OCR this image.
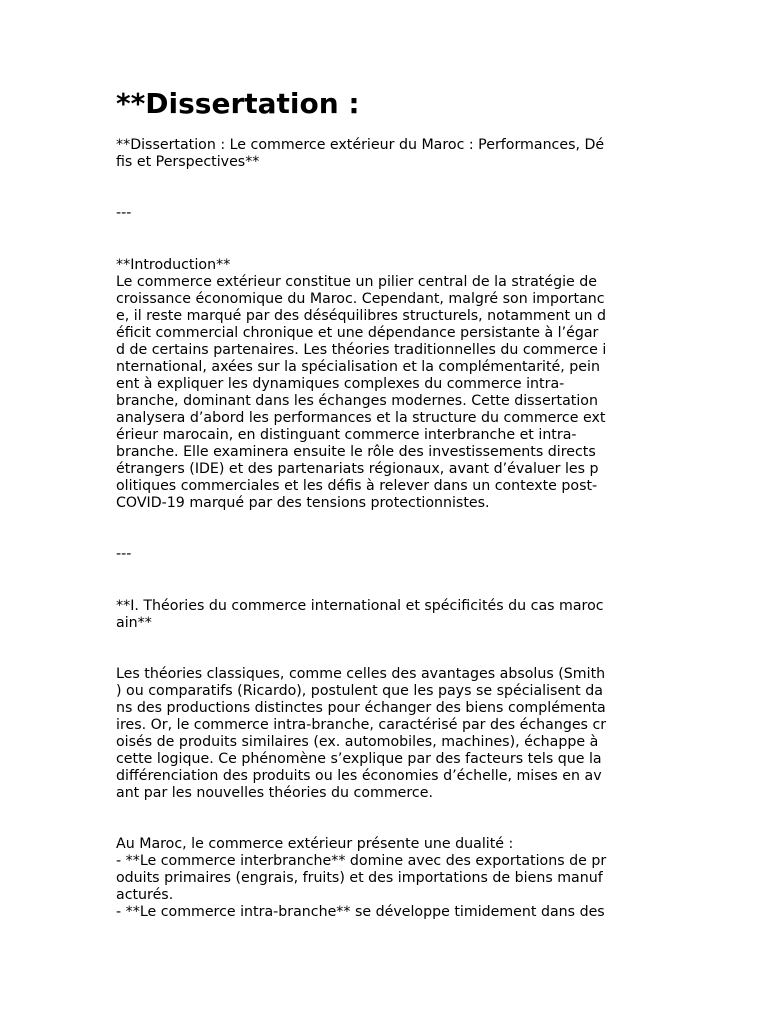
**Dissertation :

**Dissertation : Le commerce extérieur du Maroc : Performances, Dé
fis et Perspectives**

---

**Introduction**
Le commerce extérieur constitue un pilier central de la stratégie de
croissance économique du Maroc. Cependant, malgré son importanc
e, il reste marqué par des déséquilibres structurels, notamment un d
éficit commercial chronique et une dépendance persistante à l’égar
d de certains partenaires. Les théories traditionnelles du commerce i
nternational, axées sur la spécialisation et la complémentarité, pein
ent à expliquer les dynamiques complexes du commerce intra-
branche, dominant dans les échanges modernes. Cette dissertation
analysera d’abord les performances et la structure du commerce ext
érieur marocain, en distinguant commerce interbranche et intra-
branche. Elle examinera ensuite le rôle des investissements directs
étrangers (IDE) et des partenariats régionaux, avant d’évaluer les p
olitiques commerciales et les défis à relever dans un contexte post-
COVID-19 marqué par des tensions protectionnistes.

---

**I. Théories du commerce international et spécificités du cas maroc
ain**

Les théories classiques, comme celles des avantages absolus (Smith
) ou comparatifs (Ricardo), postulent que les pays se spécialisent da
ns des productions distinctes pour échanger des biens complémenta
ires. Or, le commerce intra-branche, caractérisé par des échanges cr
oisés de produits similaires (ex. automobiles, machines), échappe à
cette logique. Ce phénomène s’explique par des facteurs tels que la
différenciation des produits ou les économies d’échelle, mises en av
ant par les nouvelles théories du commerce.

Au Maroc, le commerce extérieur présente une dualité :
- **Le commerce interbranche** domine avec des exportations de pr
oduits primaires (engrais, fruits) et des importations de biens manuf
acturés.
- **Le commerce intra-branche** se développe timidement dans des
